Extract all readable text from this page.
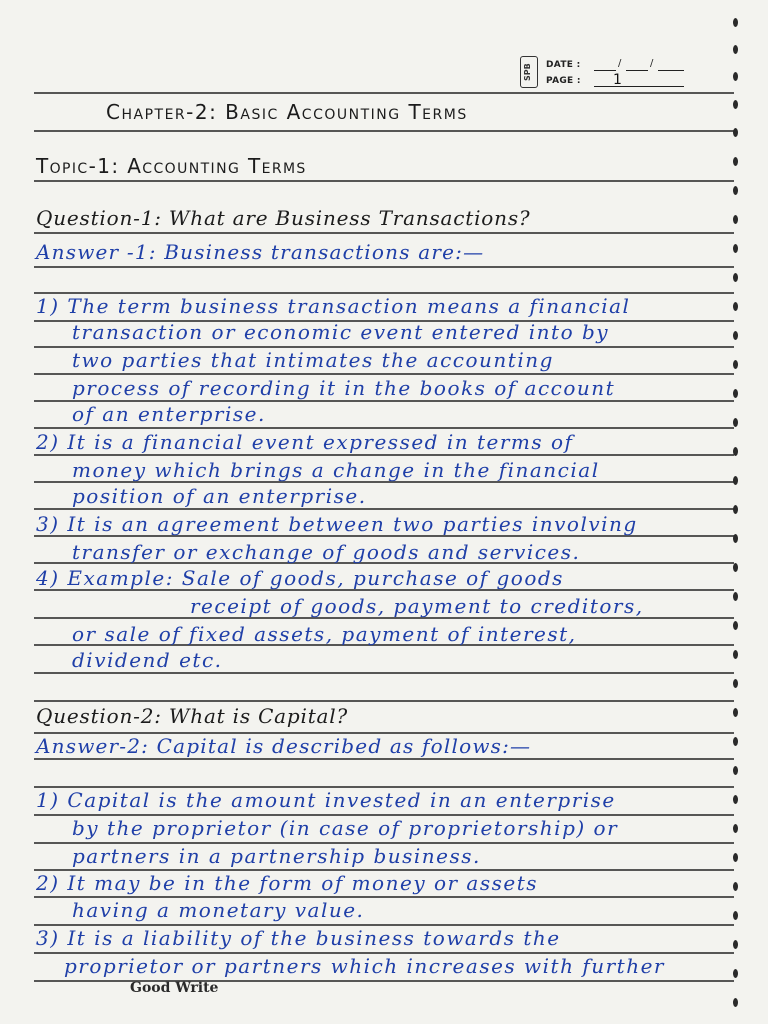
SPB	DATE :	/	/
PAGE : 1
Chapter-2: Basic Accounting Terms
Topic-1: Accounting Terms
Question-1: What are Business Transactions?
Answer -1: Business transactions are:—
1) The term business transaction means a financial
transaction or economic event entered into by
two parties that intimates the accounting
process of recording it in the books of account
of an enterprise.
2) It is a financial event expressed in terms of
money which brings a change in the financial
position of an enterprise.
3) It is an agreement between two parties involving
transfer or exchange of goods and services.
4) Example: Sale of goods, purchase of goods
receipt of goods, payment to creditors,
or sale of fixed assets, payment of interest,
dividend etc.
Question-2: What is Capital?
Answer-2: Capital is described as follows:—
1) Capital is the amount invested in an enterprise
by the proprietor (in case of proprietorship) or
partners in a partnership business.
2) It may be in the form of money or assets
having a monetary value.
3) It is a liability of the business towards the
proprietor or partners which increases with further
Good Write
